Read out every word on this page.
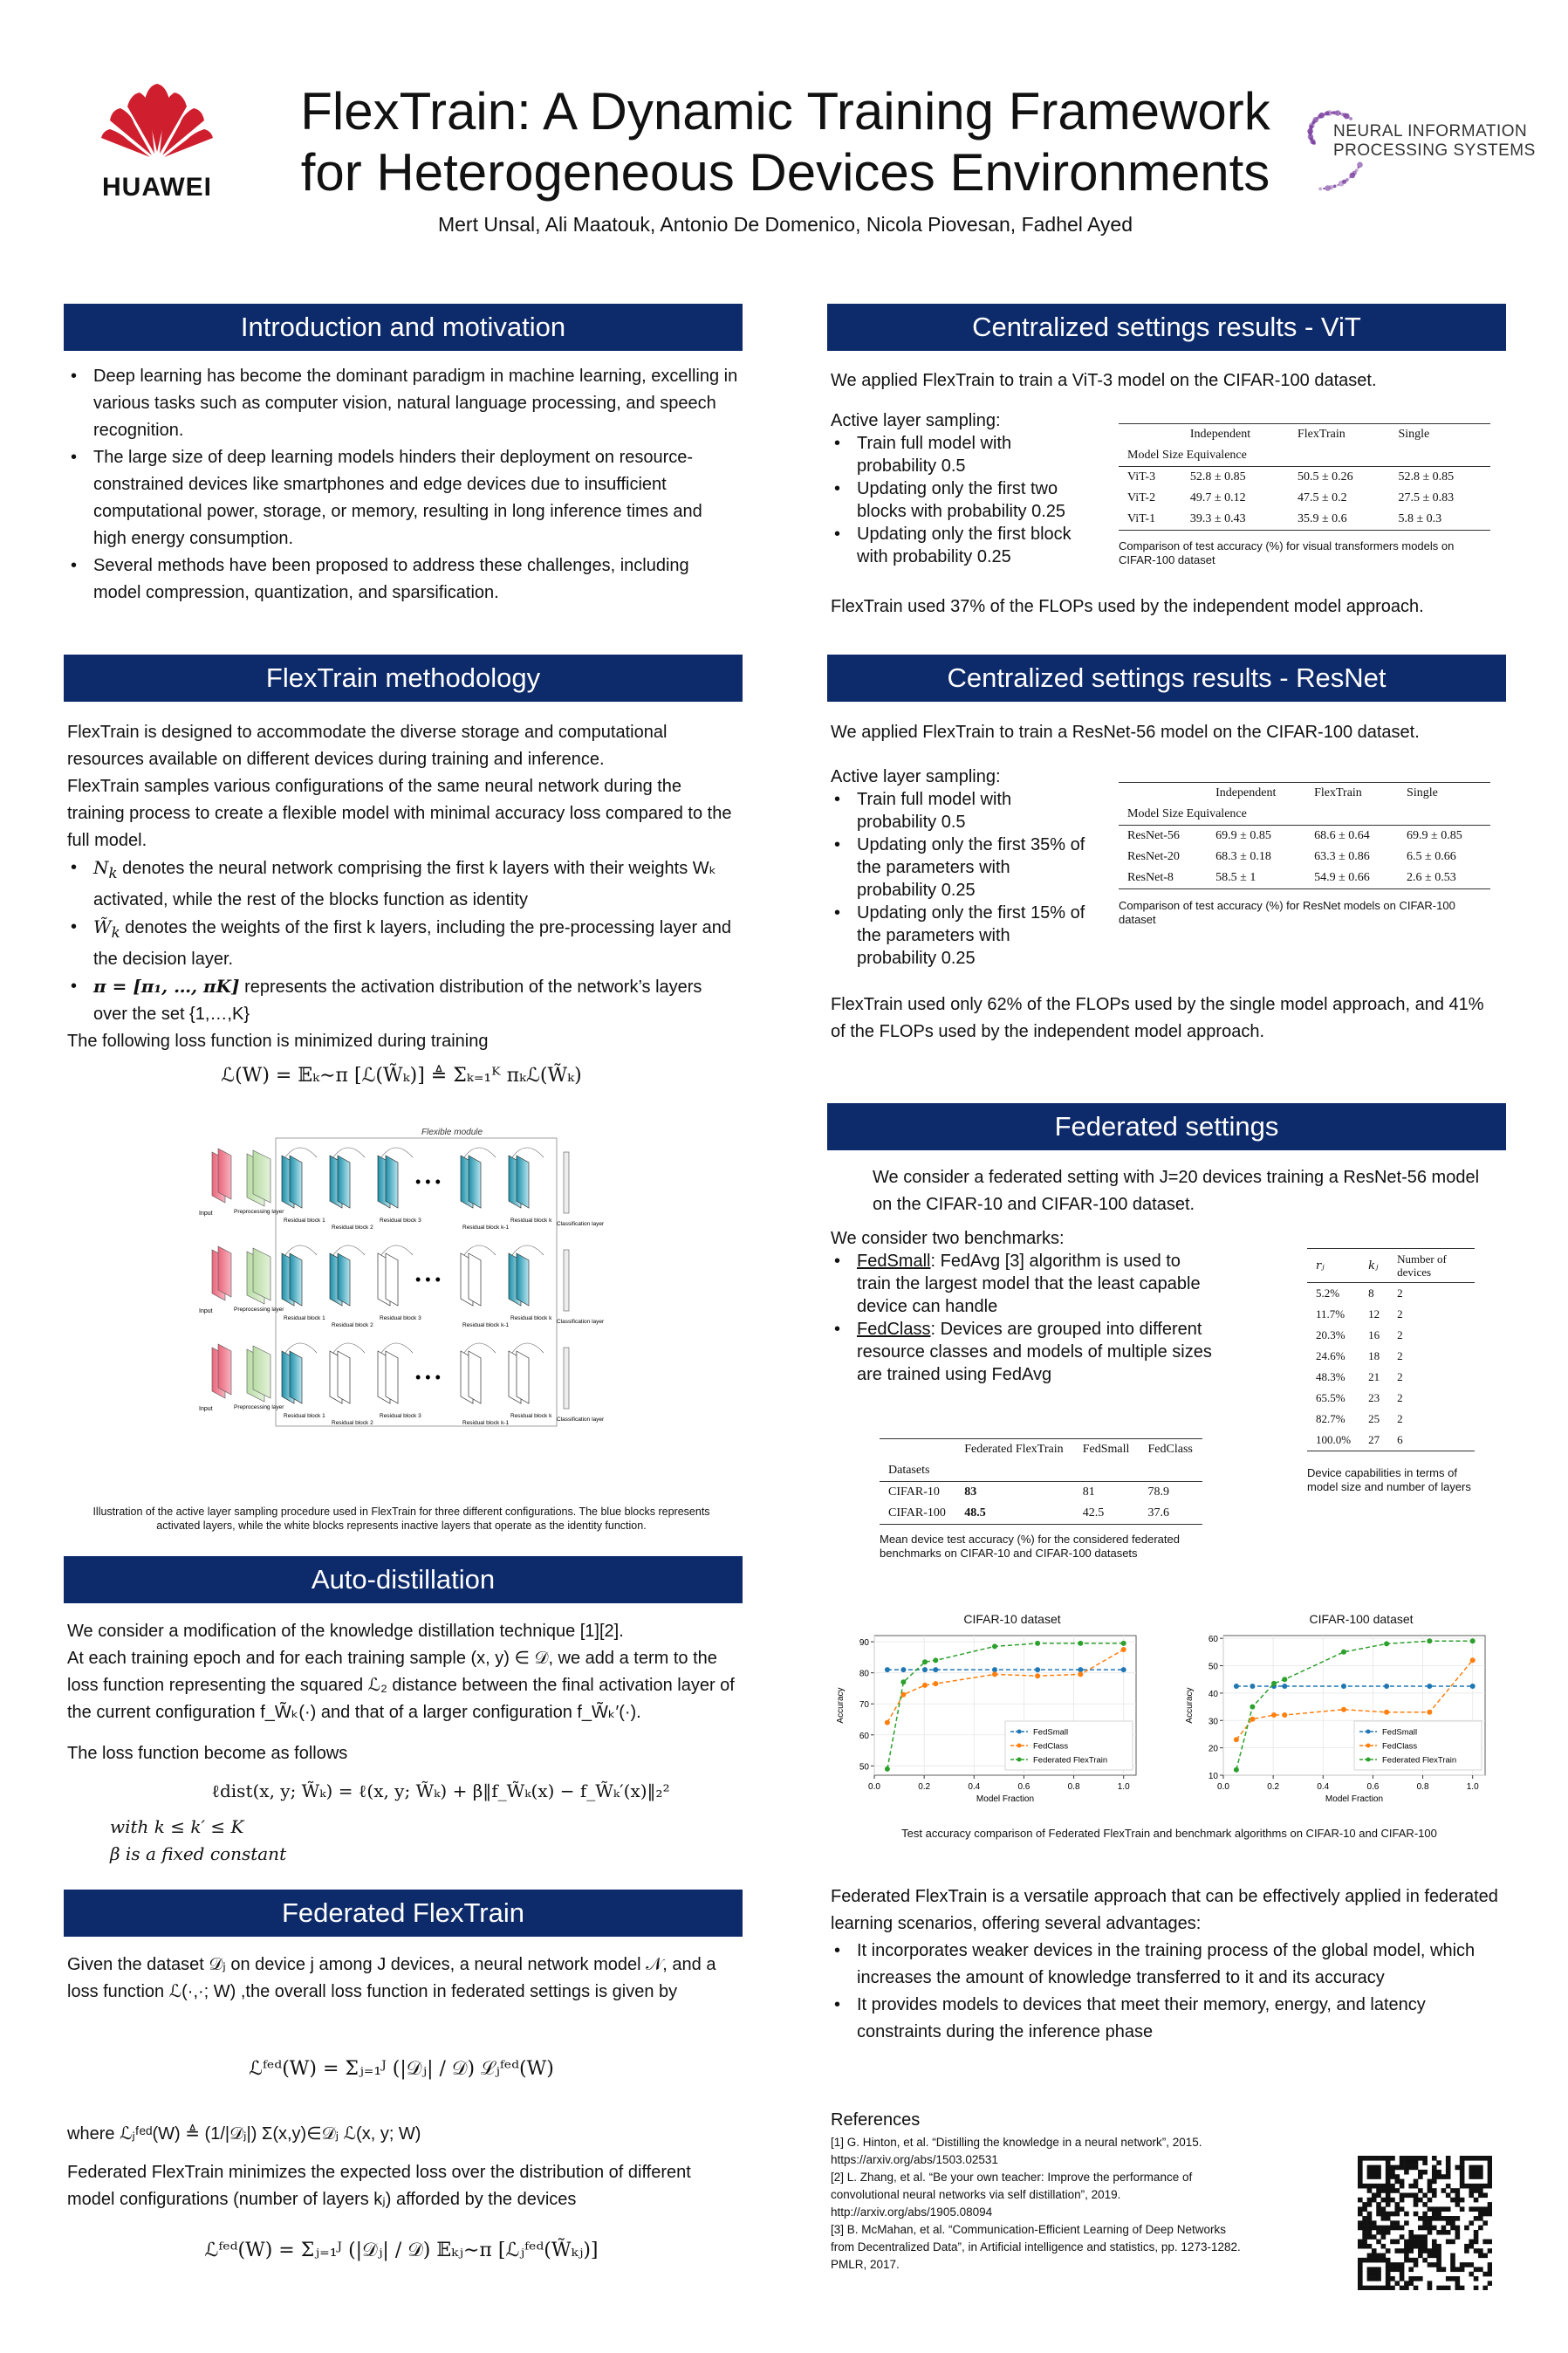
HUAWEI
FlexTrain: A Dynamic Training Framework
for Heterogeneous Devices Environments
Mert Unsal, Ali Maatouk, Antonio De Domenico, Nicola Piovesan, Fadhel Ayed
NEURAL INFORMATION
PROCESSING SYSTEMS
Introduction and motivation
• Deep learning has become the dominant paradigm in machine learning, excelling in various tasks such as computer vision, natural language processing, and speech recognition.
• The large size of deep learning models hinders their deployment on resource-constrained devices like smartphones and edge devices due to insufficient computational power, storage, or memory, resulting in long inference times and high energy consumption.
• Several methods have been proposed to address these challenges, including model compression, quantization, and sparsification.
FlexTrain methodology

FlexTrain is designed to accommodate the diverse storage and computational resources available on different devices during training and inference.

FlexTrain samples various configurations of the same neural network during the training process to create a flexible model with minimal accuracy loss compared to the full model.

• $N_k$ denotes the neural network comprising the first k layers with their weights Wₖ activated, while the rest of the blocks function as identity
• $W̃_k$ denotes the weights of the first k layers, including the pre-processing layer and the decision layer.
• π = [π₁, …, πK] represents the activation distribution of the network’s layers over the set {1,…,K}

The following loss function is minimized during training

ℒ(W) = 𝔼ₖ∼π [ℒ(W̃ₖ)] ≜ Σₖ₌₁ᴷ πₖℒ(W̃ₖ)
Flexible module
Input	Preprocessing layer
Residual block 1
Residual block 2
Residual block 3
Residual block k-1
Residual block k
• • •
Classification layer
Input	Preprocessing layer
Residual block 1
Residual block 2
Residual block 3
Residual block k-1
Residual block k
• • •
Classification layer
Input	Preprocessing layer
Residual block 1
Residual block 2
Residual block 3
Residual block k-1
Residual block k
• • •
Classification layer
Illustration of the active layer sampling procedure used in FlexTrain for three different configurations. The blue blocks represents activated layers, while the white blocks represents inactive layers that operate as the identity function.
Auto-distillation

We consider a modification of the knowledge distillation technique [1][2].

At each training epoch and for each training sample (x, y) ∈ 𝒟, we add a term to the loss function representing the squared ℒ₂ distance between the final activation layer of the current configuration f_W̃ₖ(·) and that of a larger configuration f_W̃ₖ′(·).

The loss function become as follows

ℓdist(x, y; W̃ₖ) = ℓ(x, y; W̃ₖ) + β‖f_W̃ₖ(x) − f_W̃ₖ′(x)‖₂²

with k ≤ k′ ≤ K

β is a fixed constant

Federated FlexTrain
Given the dataset 𝒟ⱼ on device j among J devices, a neural network model 𝒩, and a loss function ℒ(·,·; W) ,the overall loss function in federated settings is given by
ℒᶠᵉᵈ(W) = Σⱼ₌₁ᴶ (|𝒟ⱼ| / 𝒟) ℒⱼᶠᵉᵈ(W)
where ℒⱼᶠᵉᵈ(W) ≜ (1/|𝒟ⱼ|) Σ(x,y)∈𝒟ⱼ ℒ(x, y; W)
Federated FlexTrain minimizes the expected loss over the distribution of different model configurations (number of layers kⱼ) afforded by the devices
ℒᶠᵉᵈ(W) = Σⱼ₌₁ᴶ (|𝒟ⱼ| / 𝒟) 𝔼ₖⱼ∼π [ℒⱼᶠᵉᵈ(W̃ₖⱼ)]
Centralized settings results - ViT
We applied FlexTrain to train a ViT-3 model on the CIFAR-100 dataset.

Active layer sampling:

• Train full model with probability 0.5
• Updating only the first two blocks with probability 0.25
• Updating only the first block with probability 0.25
	Independent	FlexTrain	Single
Model Size Equivalence			
ViT-3	52.8 ± 0.85	50.5 ± 0.26	52.8 ± 0.85
ViT-2	49.7 ± 0.12	47.5 ± 0.2	27.5 ± 0.83
ViT-1	39.3 ± 0.43	35.9 ± 0.6	5.8 ± 0.3
Comparison of test accuracy (%) for visual transformers models on CIFAR-100 dataset
FlexTrain used 37% of the FLOPs used by the independent model approach.
Centralized settings results - ResNet
We applied FlexTrain to train a ResNet-56 model on the CIFAR-100 dataset.

Active layer sampling:

• Train full model with probability 0.5
• Updating only the first 35% of the parameters with probability 0.25
• Updating only the first 15% of the parameters with probability 0.25
	Independent	FlexTrain	Single
Model Size Equivalence			
ResNet-56	69.9 ± 0.85	68.6 ± 0.64	69.9 ± 0.85
ResNet-20	68.3 ± 0.18	63.3 ± 0.86	6.5 ± 0.66
ResNet-8	58.5 ± 1	54.9 ± 0.66	2.6 ± 0.53
Comparison of test accuracy (%) for ResNet models on CIFAR-100 dataset
FlexTrain used only 62% of the FLOPs used by the single model approach, and 41% of the FLOPs used by the independent model approach.
Federated settings
We consider a federated setting with J=20 devices training a ResNet-56 model on the CIFAR-10 and CIFAR-100 dataset.

We consider two benchmarks:

• FedSmall: FedAvg [3] algorithm is used to train the largest model that the least capable device can handle
• FedClass: Devices are grouped into different resource classes and models of multiple sizes are trained using FedAvg
rⱼ	kⱼ	Number of devices
5.2%	8	2
11.7%	12	2
20.3%	16	2
24.6%	18	2
48.3%	21	2
65.5%	23	2
82.7%	25	2
100.0%	27	6
Device capabilities in terms of model size and number of layers
	Federated FlexTrain	FedSmall	FedClass
Datasets			
CIFAR-10	83	81	78.9
CIFAR-100	48.5	42.5	37.6
Mean device test accuracy (%) for the considered federated benchmarks on CIFAR-10 and CIFAR-100 datasets
CIFAR-10 dataset
50
60
70
80
90
0.0	0.2	0.4	0.6	0.8	1.0
Model Fraction
Accuracy
FedSmall
FedClass
Federated FlexTrain
CIFAR-100 dataset
10
20
30
40
50
60
0.0	0.2	0.4	0.6	0.8	1.0
Model Fraction
Accuracy
FedSmall
FedClass
Federated FlexTrain
Test accuracy comparison of Federated FlexTrain and benchmark algorithms on CIFAR-10 and CIFAR-100

Federated FlexTrain is a versatile approach that can be effectively applied in federated learning scenarios, offering several advantages:

• It incorporates weaker devices in the training process of the global model, which increases the amount of knowledge transferred to it and its accuracy
• It provides models to devices that meet their memory, energy, and latency constraints during the inference phase

References

[1] G. Hinton, et al. “Distilling the knowledge in a neural network”, 2015. https://arxiv.org/abs/1503.02531

[2] L. Zhang, et al. “Be your own teacher: Improve the performance of convolutional neural networks via self distillation”, 2019. http://arxiv.org/abs/1905.08094

[3] B. McMahan, et al. “Communication-Efficient Learning of Deep Networks from Decentralized Data”, in Artificial intelligence and statistics, pp. 1273-1282. PMLR, 2017.
